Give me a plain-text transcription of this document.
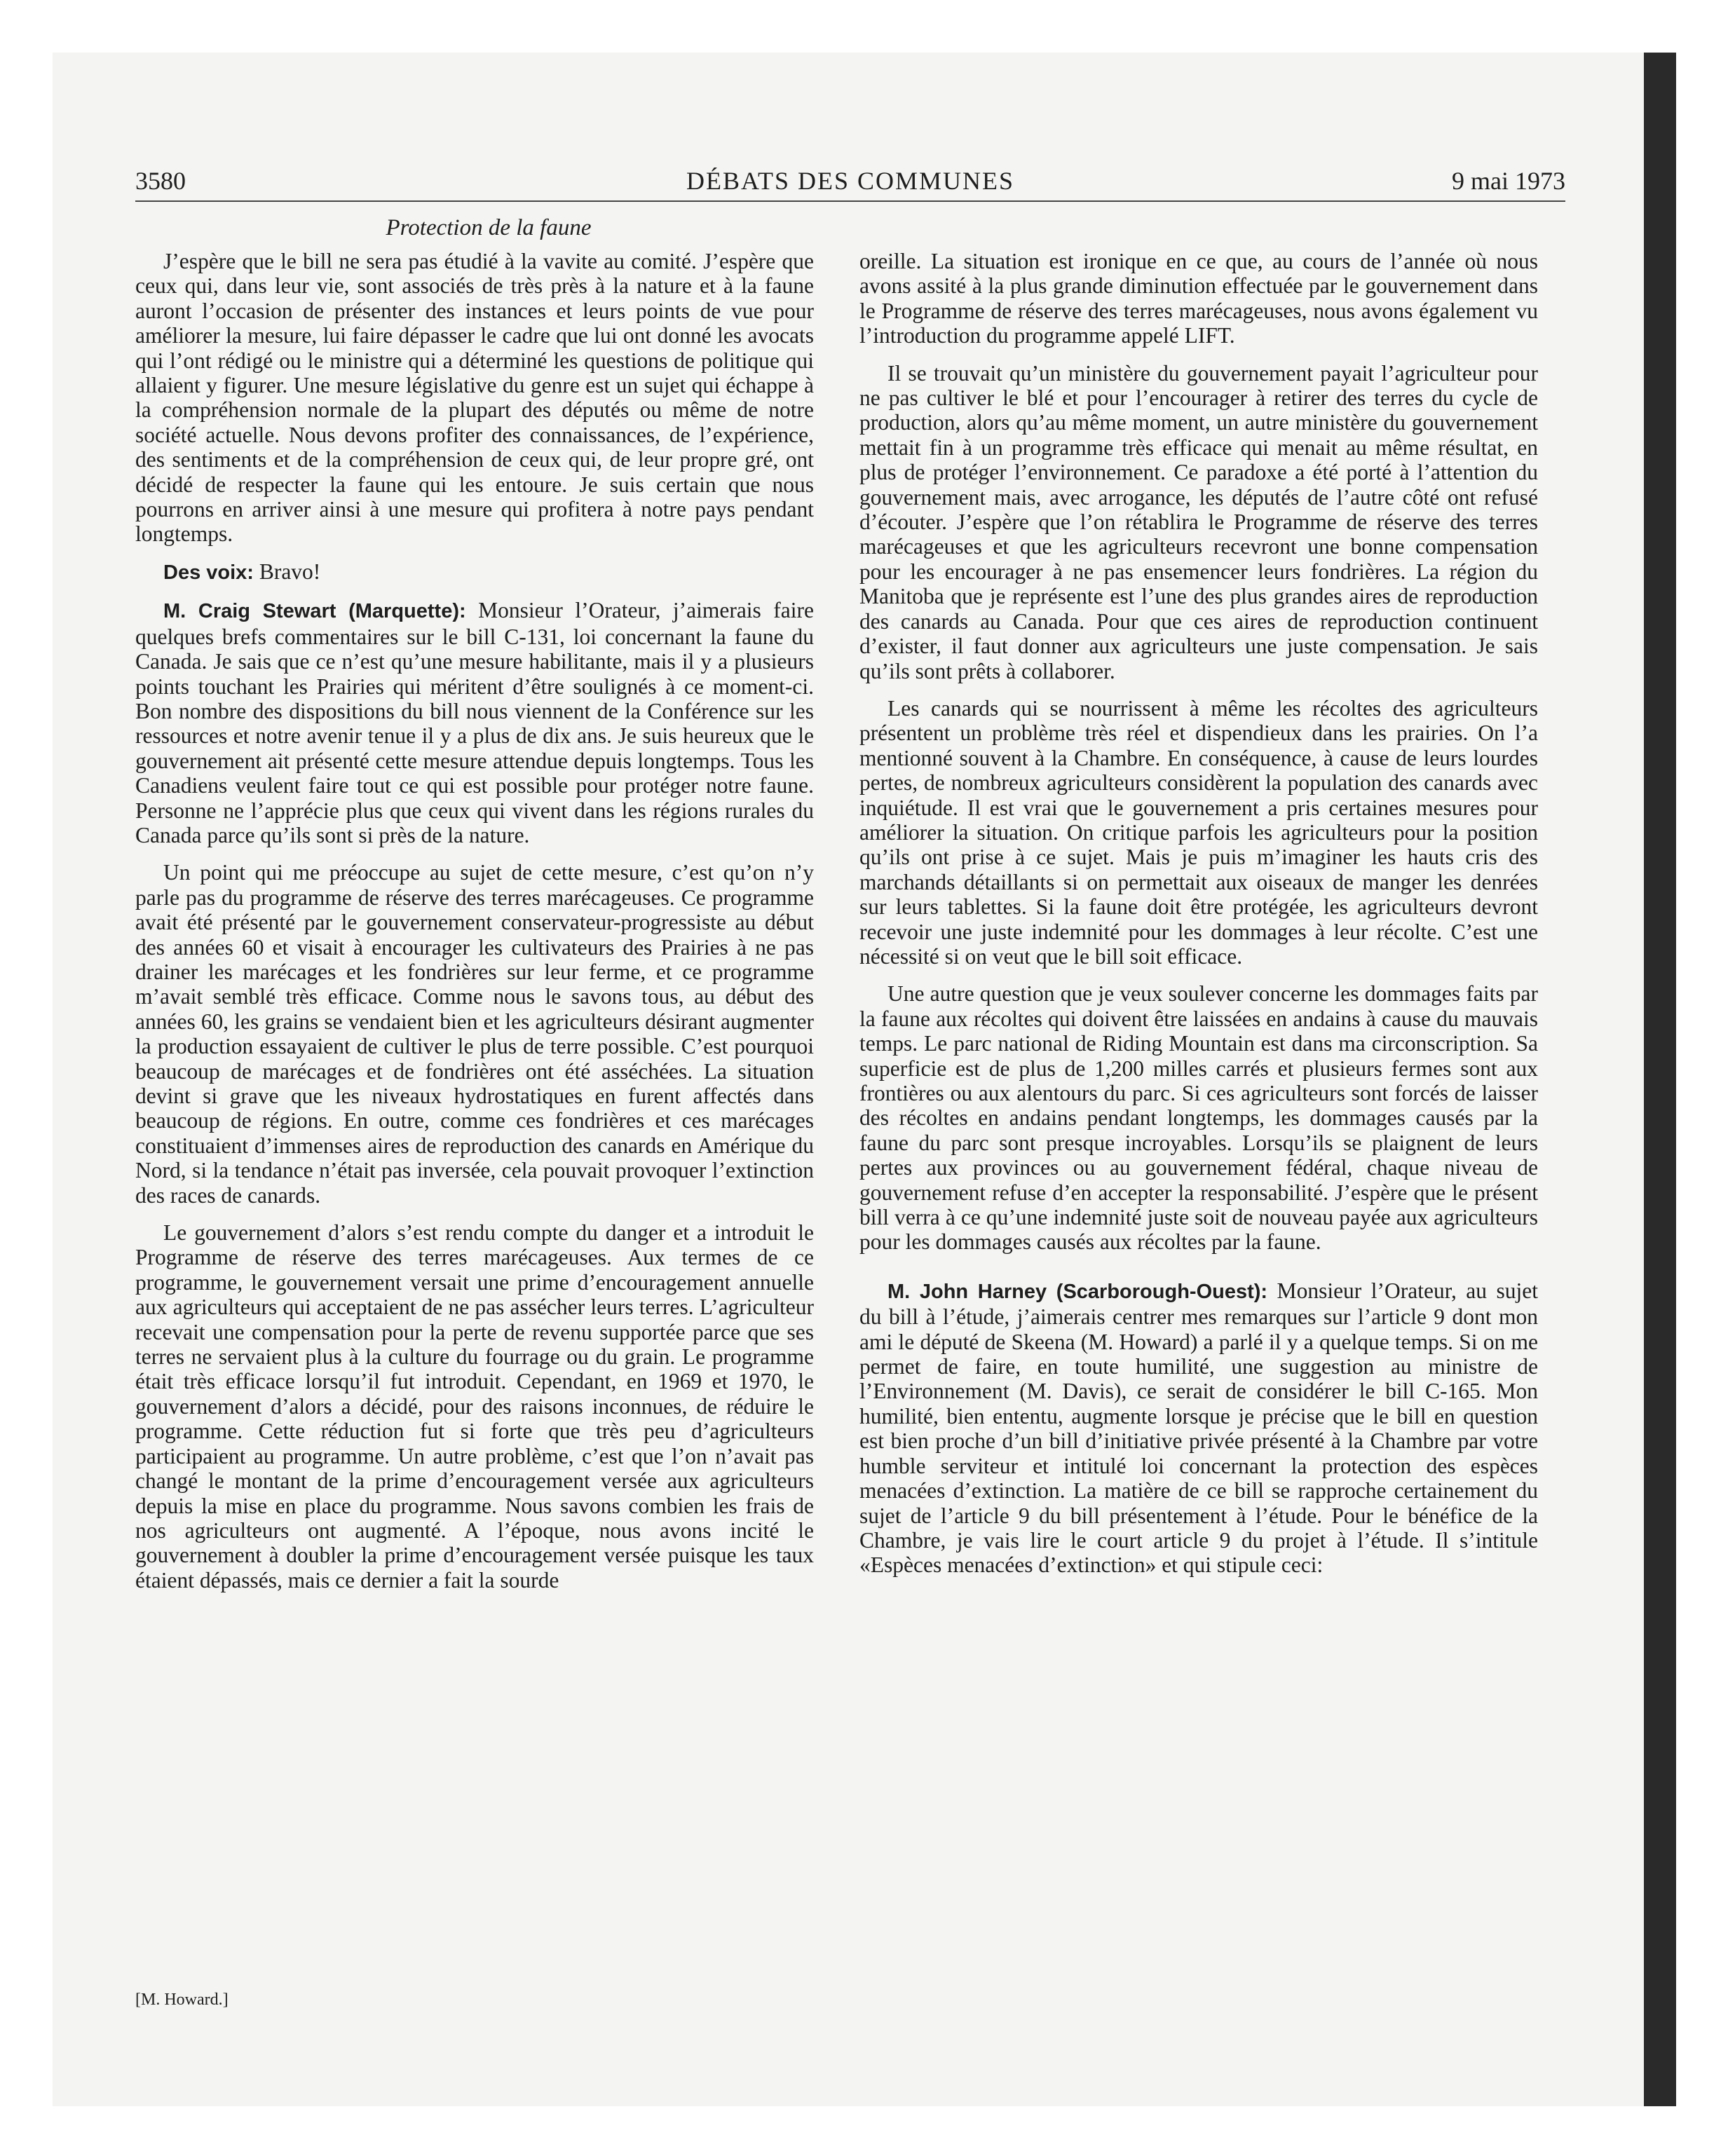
DÉBATS DES COMMUNES
3580	9 mai 1973
Protection de la faune

J’espère que le bill ne sera pas étudié à la vavite au comité. J’espère que ceux qui, dans leur vie, sont associés de très près à la nature et à la faune auront l’occasion de présenter des instances et leurs points de vue pour améliorer la mesure, lui faire dépasser le cadre que lui ont donné les avocats qui l’ont rédigé ou le ministre qui a déterminé les questions de politique qui allaient y figurer. Une mesure législative du genre est un sujet qui échappe à la compréhension normale de la plupart des députés ou même de notre société actuelle. Nous devons profiter des connaissances, de l’expérience, des sentiments et de la compréhension de ceux qui, de leur propre gré, ont décidé de respecter la faune qui les entoure. Je suis certain que nous pourrons en arriver ainsi à une mesure qui profitera à notre pays pendant longtemps.

Des voix: Bravo!

M. Craig Stewart (Marquette): Monsieur l’Orateur, j’aimerais faire quelques brefs commentaires sur le bill C-131, loi concernant la faune du Canada. Je sais que ce n’est qu’une mesure habilitante, mais il y a plusieurs points touchant les Prairies qui méritent d’être soulignés à ce moment-ci. Bon nombre des dispositions du bill nous viennent de la Conférence sur les ressources et notre avenir tenue il y a plus de dix ans. Je suis heureux que le gouvernement ait présenté cette mesure attendue depuis longtemps. Tous les Canadiens veulent faire tout ce qui est possible pour protéger notre faune. Personne ne l’apprécie plus que ceux qui vivent dans les régions rurales du Canada parce qu’ils sont si près de la nature.

Un point qui me préoccupe au sujet de cette mesure, c’est qu’on n’y parle pas du programme de réserve des terres marécageuses. Ce programme avait été présenté par le gouvernement conservateur-progressiste au début des années 60 et visait à encourager les cultivateurs des Prairies à ne pas drainer les marécages et les fondrières sur leur ferme, et ce programme m’avait semblé très efficace. Comme nous le savons tous, au début des années 60, les grains se vendaient bien et les agriculteurs désirant augmenter la production essayaient de cultiver le plus de terre possible. C’est pourquoi beaucoup de marécages et de fondrières ont été asséchées. La situation devint si grave que les niveaux hydrostatiques en furent affectés dans beaucoup de régions. En outre, comme ces fondrières et ces marécages constituaient d’immenses aires de reproduction des canards en Amérique du Nord, si la tendance n’était pas inversée, cela pouvait provoquer l’extinction des races de canards.

Le gouvernement d’alors s’est rendu compte du danger et a introduit le Programme de réserve des terres marécageuses. Aux termes de ce programme, le gouvernement versait une prime d’encouragement annuelle aux agriculteurs qui acceptaient de ne pas assécher leurs terres. L’agriculteur recevait une compensation pour la perte de revenu supportée parce que ses terres ne servaient plus à la culture du fourrage ou du grain. Le programme était très efficace lorsqu’il fut introduit. Cependant, en 1969 et 1970, le gouvernement d’alors a décidé, pour des raisons inconnues, de réduire le programme. Cette réduction fut si forte que très peu d’agriculteurs participaient au programme. Un autre problème, c’est que l’on n’avait pas changé le montant de la prime d’encouragement versée aux agriculteurs depuis la mise en place du programme. Nous savons combien les frais de nos agriculteurs ont augmenté. A l’époque, nous avons incité le gouvernement à doubler la prime d’encouragement versée puisque les taux étaient dépassés, mais ce dernier a fait la sourde

oreille. La situation est ironique en ce que, au cours de l’année où nous avons assité à la plus grande diminution effectuée par le gouvernement dans le Programme de réserve des terres marécageuses, nous avons également vu l’introduction du programme appelé LIFT.

Il se trouvait qu’un ministère du gouvernement payait l’agriculteur pour ne pas cultiver le blé et pour l’encourager à retirer des terres du cycle de production, alors qu’au même moment, un autre ministère du gouvernement mettait fin à un programme très efficace qui menait au même résultat, en plus de protéger l’environnement. Ce paradoxe a été porté à l’attention du gouvernement mais, avec arrogance, les députés de l’autre côté ont refusé d’écouter. J’espère que l’on rétablira le Programme de réserve des terres marécageuses et que les agriculteurs recevront une bonne compensation pour les encourager à ne pas ensemencer leurs fondrières. La région du Manitoba que je représente est l’une des plus grandes aires de reproduction des canards au Canada. Pour que ces aires de reproduction continuent d’exister, il faut donner aux agriculteurs une juste compensation. Je sais qu’ils sont prêts à collaborer.

Les canards qui se nourrissent à même les récoltes des agriculteurs présentent un problème très réel et dispendieux dans les prairies. On l’a mentionné souvent à la Chambre. En conséquence, à cause de leurs lourdes pertes, de nombreux agriculteurs considèrent la population des canards avec inquiétude. Il est vrai que le gouvernement a pris certaines mesures pour améliorer la situation. On critique parfois les agriculteurs pour la position qu’ils ont prise à ce sujet. Mais je puis m’imaginer les hauts cris des marchands détaillants si on permettait aux oiseaux de manger les denrées sur leurs tablettes. Si la faune doit être protégée, les agriculteurs devront recevoir une juste indemnité pour les dommages à leur récolte. C’est une nécessité si on veut que le bill soit efficace.

Une autre question que je veux soulever concerne les dommages faits par la faune aux récoltes qui doivent être laissées en andains à cause du mauvais temps. Le parc national de Riding Mountain est dans ma circonscription. Sa superficie est de plus de 1,200 milles carrés et plusieurs fermes sont aux frontières ou aux alentours du parc. Si ces agriculteurs sont forcés de laisser des récoltes en andains pendant longtemps, les dommages causés par la faune du parc sont presque incroyables. Lorsqu’ils se plaignent de leurs pertes aux provinces ou au gouvernement fédéral, chaque niveau de gouvernement refuse d’en accepter la responsabilité. J’espère que le présent bill verra à ce qu’une indemnité juste soit de nouveau payée aux agriculteurs pour les dommages causés aux récoltes par la faune.

M. John Harney (Scarborough-Ouest): Monsieur l’Orateur, au sujet du bill à l’étude, j’aimerais centrer mes remarques sur l’article 9 dont mon ami le député de Skeena (M. Howard) a parlé il y a quelque temps. Si on me permet de faire, en toute humilité, une suggestion au ministre de l’Environnement (M. Davis), ce serait de considérer le bill C-165. Mon humilité, bien ententu, augmente lorsque je précise que le bill en question est bien proche d’un bill d’initiative privée présenté à la Chambre par votre humble serviteur et intitulé loi concernant la protection des espèces menacées d’extinction. La matière de ce bill se rapproche certainement du sujet de l’article 9 du bill présentement à l’étude. Pour le bénéfice de la Chambre, je vais lire le court article 9 du projet à l’étude. Il s’intitule «Espèces menacées d’extinction» et qui stipule ceci:

[M. Howard.]
